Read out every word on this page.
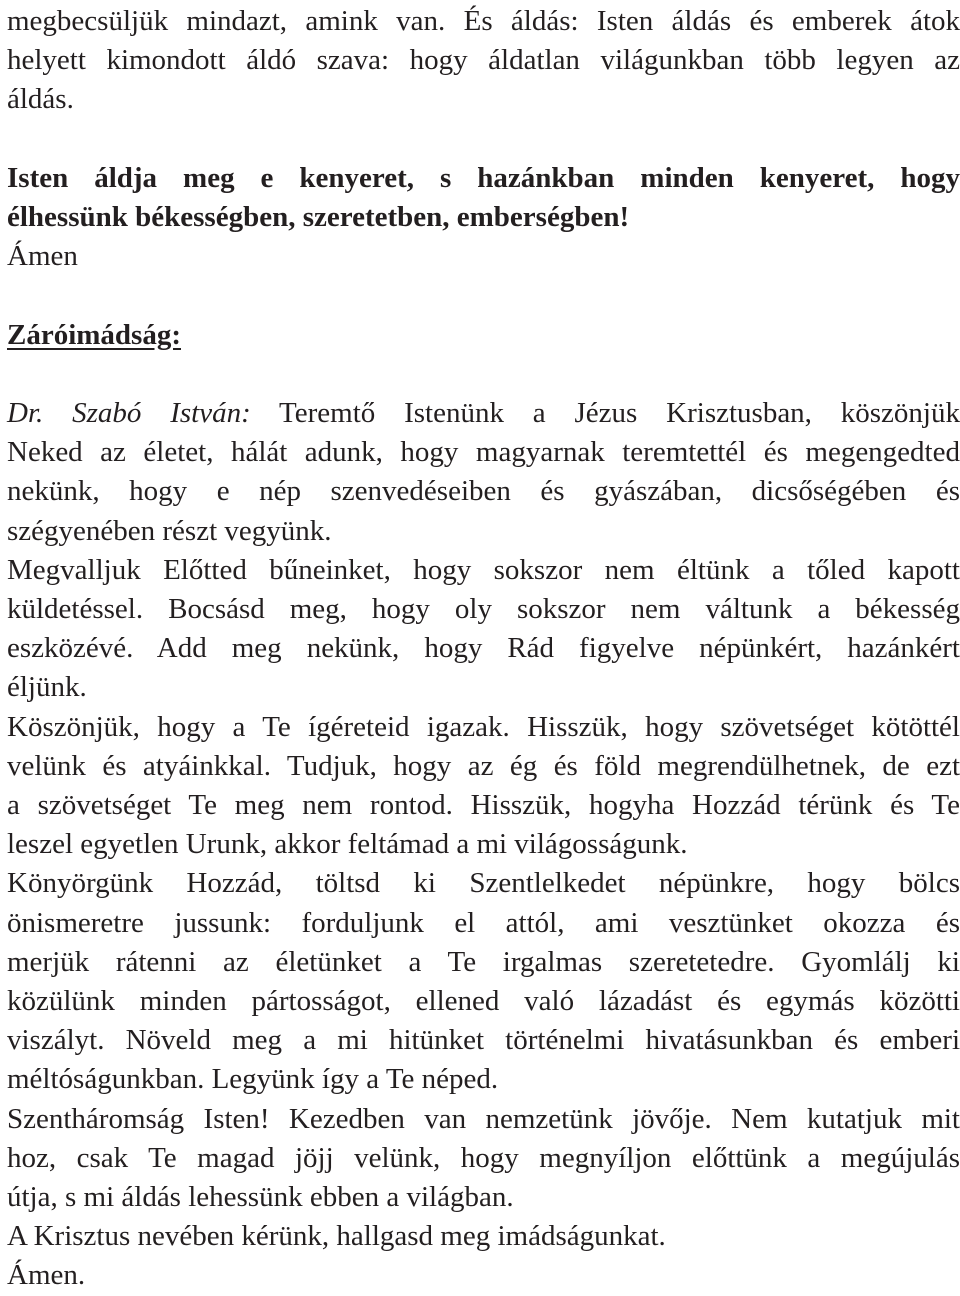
megbecsüljük mindazt, amink van. És áldás: Isten áldás és emberek átok
helyett kimondott áldó szava: hogy áldatlan világunkban több legyen az
áldás.
Isten áldja meg e kenyeret, s hazánkban minden kenyeret, hogy
élhessünk békességben, szeretetben, emberségben!
Ámen
Záróimádság:
Dr. Szabó István: Teremtő Istenünk a Jézus Krisztusban, köszönjük
Neked az életet, hálát adunk, hogy magyarnak teremtettél és megengedted
nekünk, hogy e nép szenvedéseiben és gyászában, dicsőségében és
szégyenében részt vegyünk.
Megvalljuk Előtted bűneinket, hogy sokszor nem éltünk a tőled kapott
küldetéssel. Bocsásd meg, hogy oly sokszor nem váltunk a békesség
eszközévé. Add meg nekünk, hogy Rád figyelve népünkért, hazánkért
éljünk.
Köszönjük, hogy a Te ígéreteid igazak. Hisszük, hogy szövetséget kötöttél
velünk és atyáinkkal. Tudjuk, hogy az ég és föld megrendülhetnek, de ezt
a szövetséget Te meg nem rontod. Hisszük, hogyha Hozzád térünk és Te
leszel egyetlen Urunk, akkor feltámad a mi világosságunk.
Könyörgünk Hozzád, töltsd ki Szentlelkedet népünkre, hogy bölcs
önismeretre jussunk: forduljunk el attól, ami vesztünket okozza és
merjük rátenni az életünket a Te irgalmas szeretetedre. Gyomlálj ki
közülünk minden pártosságot, ellened való lázadást és egymás közötti
viszályt. Növeld meg a mi hitünket történelmi hivatásunkban és emberi
méltóságunkban. Legyünk így a Te néped.
Szentháromság Isten! Kezedben van nemzetünk jövője. Nem kutatjuk mit
hoz, csak Te magad jöjj velünk, hogy megnyíljon előttünk a megújulás
útja, s mi áldás lehessünk ebben a világban.
A Krisztus nevében kérünk, hallgasd meg imádságunkat.
Ámen.
